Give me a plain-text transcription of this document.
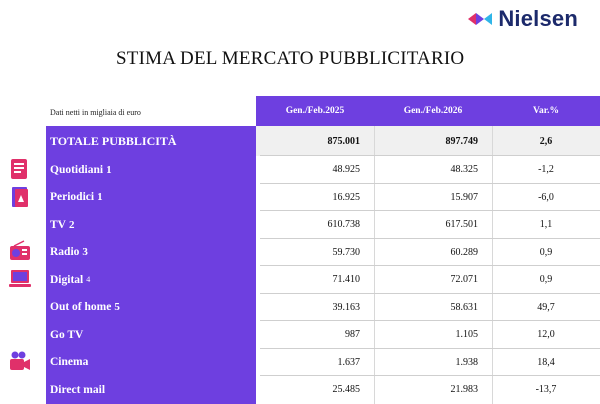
Nielsen
STIMA DEL MERCATO PUBBLICITARIO
Dati netti in migliaia di euro	Gen./Feb.2025	Gen./Feb.2026	Var.%
TOTALE PUBBLICITÀ	875.001	897.749	2,6
Quotidiani 1	48.925	48.325	-1,2
Periodici 1	16.925	15.907	-6,0
TV 2	610.738	617.501	1,1
Radio 3	59.730	60.289	0,9
Digital 4	71.410	72.071	0,9
Out of home 5	39.163	58.631	49,7
Go TV	987	1.105	12,0
Cinema	1.637	1.938	18,4
Direct mail	25.485	21.983	-13,7
